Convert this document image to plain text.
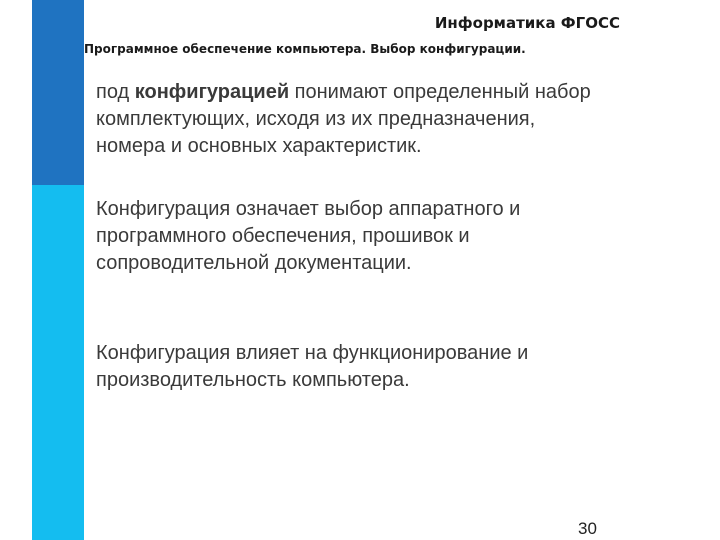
Информатика ФГОСС
Программное обеспечение компьютера. Выбор конфигурации.
под конфигурацией понимают определенный набор
комплектующих, исходя из их предназначения,
номера и основных характеристик.
Конфигурация означает выбор аппаратного и
программного обеспечения, прошивок и
сопроводительной документации.
Конфигурация влияет на функционирование и
производительность компьютера.
30
